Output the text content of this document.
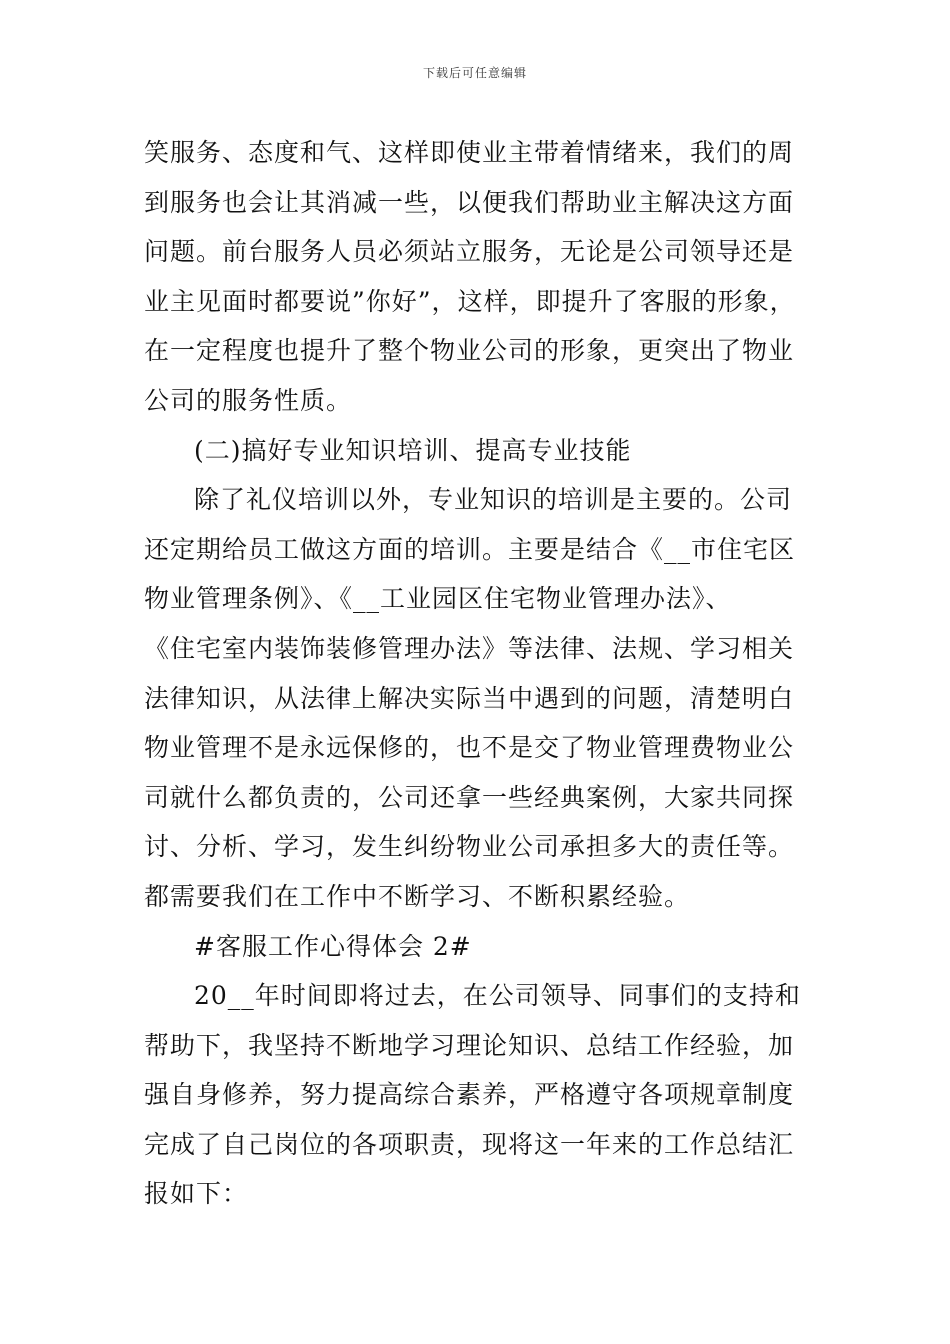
下载后可任意编辑
笑服务、态度和气、这样即使业主带着情绪来，我们的周
到服务也会让其消减一些，以便我们帮助业主解决这方面
问题。前台服务人员必须站立服务，无论是公司领导还是
业主见面时都要说”你好”，这样，即提升了客服的形象，
在一定程度也提升了整个物业公司的形象，更突出了物业
公司的服务性质。
(二)搞好专业知识培训、提高专业技能
除了礼仪培训以外，专业知识的培训是主要的。公司
还定期给员工做这方面的培训。主要是结合《__市住宅区
物业管理条例》、《__工业园区住宅物业管理办法》、
《住宅室内装饰装修管理办法》等法律、法规、学习相关
法律知识，从法律上解决实际当中遇到的问题，清楚明白
物业管理不是永远保修的，也不是交了物业管理费物业公
司就什么都负责的，公司还拿一些经典案例，大家共同探
讨、分析、学习，发生纠纷物业公司承担多大的责任等。
都需要我们在工作中不断学习、不断积累经验。
#客服工作心得体会 2#
20__年时间即将过去，在公司领导、同事们的支持和
帮助下，我坚持不断地学习理论知识、总结工作经验，加
强自身修养，努力提高综合素养，严格遵守各项规章制度
完成了自己岗位的各项职责，现将这一年来的工作总结汇
报如下：
